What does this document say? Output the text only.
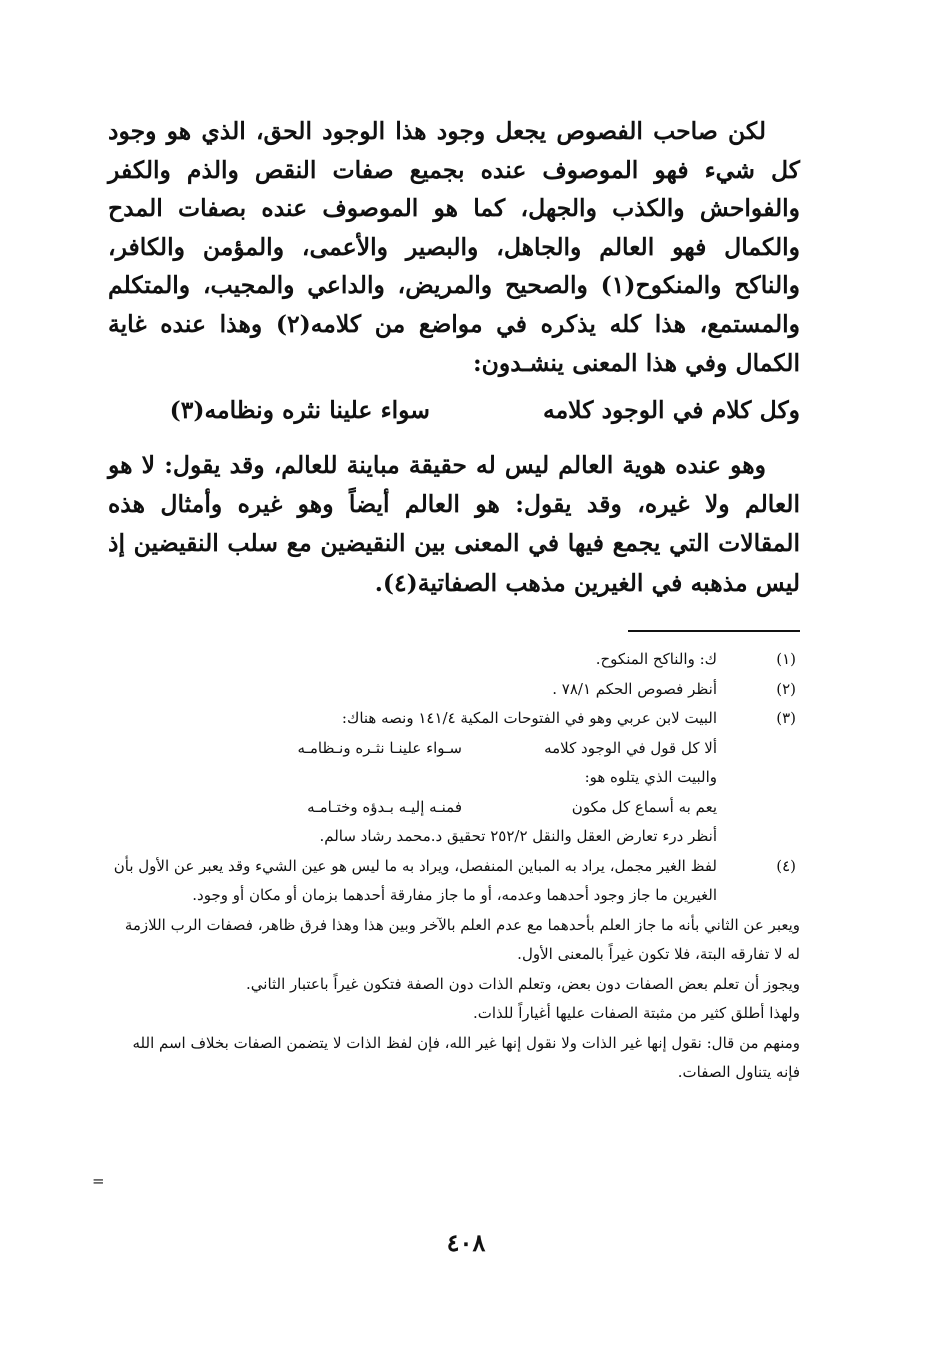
لكن صاحب الفصوص يجعل وجود هذا الوجود الحق، الذي هو وجود كل شيء فهو الموصوف عنده بجميع صفات النقص والذم والكفر والفواحش والكذب والجهل، كما هو الموصوف عنده بصفات المدح والكمال فهو العالم والجاهل، والبصير والأعمى، والمؤمن والكافر، والناكح والمنكوح(١) والصحيح والمريض، والداعي والمجيب، والمتكلم والمستمع، هذا كله يذكره في مواضع من كلامه(٢) وهذا عنده غاية الكمال وفي هذا المعنى ينشـدون:

وكل كلام في الوجود كلامه
سواء علينا نثره ونظامه(٣)

وهو عنده هوية العالم ليس له حقيقة مباينة للعالم، وقد يقول: لا هو العالم ولا غيره، وقد يقول: هو العالم أيضاً وهو غيره وأمثال هذه المقالات التي يجمع فيها في المعنى بين النقيضين مع سلب النقيضين إذ ليس مذهبه في الغيرين مذهب الصفاتية(٤).

(١)

ك: والناكح المنكوح.

(٢)

أنظر فصوص الحكم ٧٨/١ .

(٣)

البيت لابن عربي وهو في الفتوحات المكية ١٤١/٤ ونصه هناك:

ألا كل قول في الوجود كلامه
سـواء علينـا نثـره ونـظامـه

والبيت الذي يتلوه هو:

يعم به أسماع كل مكون
فمنـه إليـه بـدؤه وختـامـه

أنظر درء تعارض العقل والنقل ٢٥٢/٢ تحقيق د.محمد رشاد سالم.

(٤)

لفظ الغير مجمل، يراد به المباين المنفصل، ويراد به ما ليس هو عين الشيء وقد يعبر عن الأول بأن الغيرين ما جاز وجود أحدهما وعدمه، أو ما جاز مفارقة أحدهما بزمان أو مكان أو وجود.

ويعبر عن الثاني بأنه ما جاز العلم بأحدهما مع عدم العلم بالآخر وبين هذا وهذا فرق ظاهر، فصفات الرب اللازمة له لا تفارقه البتة، فلا تكون غيراً بالمعنى الأول.

ويجوز أن تعلم بعض الصفات دون بعض، وتعلم الذات دون الصفة فتكون غيراً باعتبار الثاني.

ولهذا أطلق كثير من مثبتة الصفات عليها أغياراً للذات.

ومنهم من قال: نقول إنها غير الذات ولا نقول إنها غير الله، فإن لفظ الذات لا يتضمن الصفات بخلاف اسم الله فإنه يتناول الصفات.

=
٤٠٨
